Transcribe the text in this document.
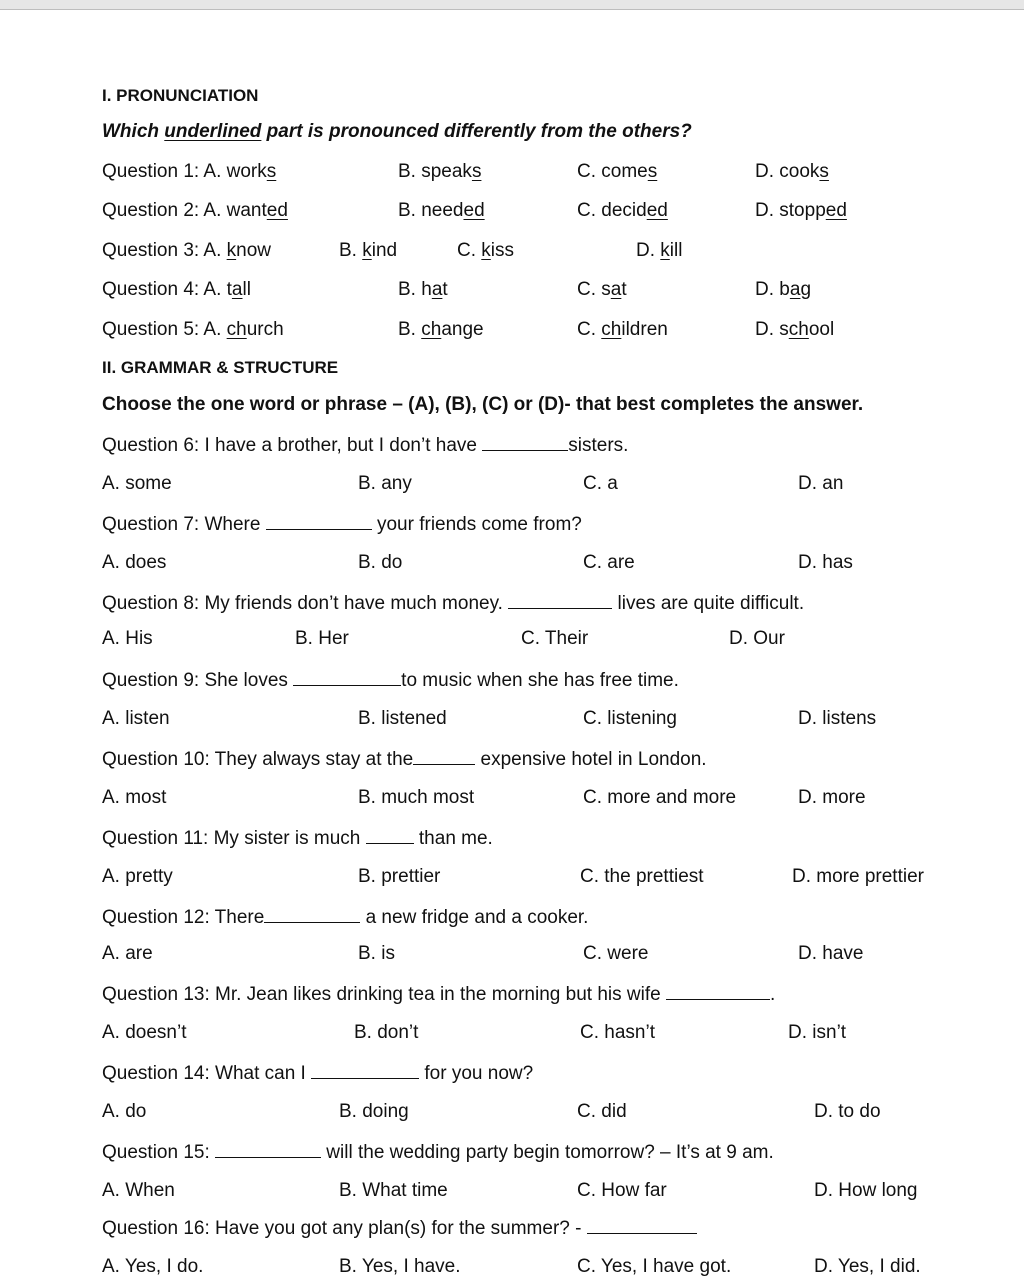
I. PRONUNCIATION
Which underlined part is pronounced differently from the others?
Question 1: A. works	B. speaks	C. comes	D. cooks
Question 2: A. wanted	B. needed	C. decided	D. stopped
Question 3: A. know	B. kind	C. kiss	D. kill
Question 4: A. tall	B. hat	C. sat	D. bag
Question 5: A. church	B. change	C. children	D. school
II. GRAMMAR & STRUCTURE
Choose the one word or phrase – (A), (B), (C) or (D)- that best completes the answer.
Question 6: I have a brother, but I don’t have	sisters.
A. some	B. any	C. a	D. an
Question 7: Where	your friends come from?
A. does	B. do	C. are	D. has
Question 8: My friends don’t have much money.	lives are quite difficult.
A. His	B. Her	C. Their	D. Our
Question 9: She loves	to music when she has free time.
A. listen	B. listened	C. listening	D. listens
Question 10: They always stay at the	expensive hotel in London.
A. most	B. much most	C. more and more	D. more
Question 11: My sister is much	than me.
A. pretty	B. prettier	C. the prettiest	D. more prettier
Question 12: There	a new fridge and a cooker.
A. are	B. is	C. were	D. have
Question 13: Mr. Jean likes drinking tea in the morning but his wife	.
A. doesn’t	B. don’t	C. hasn’t	D. isn’t
Question 14: What can I	for you now?
A. do	B. doing	C. did	D. to do
Question 15:	will the wedding party begin tomorrow? – It’s at 9 am.
A. When	B. What time	C. How far	D. How long
Question 16: Have you got any plan(s) for the summer? -
A. Yes, I do.	B. Yes, I have.	C. Yes, I have got.	D. Yes, I did.
